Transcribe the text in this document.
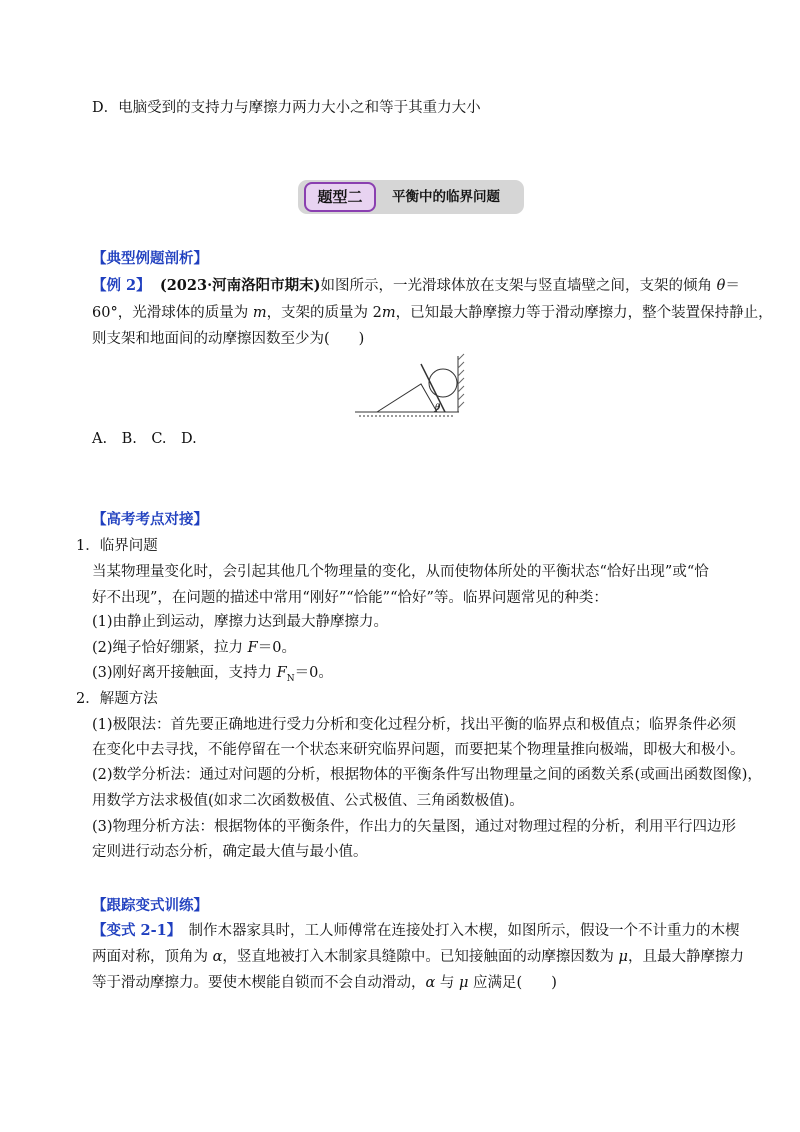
D．电脑受到的支持力与摩擦力两力大小之和等于其重力大小
题型二	平衡中的临界问题
【典型例题剖析】
【例 2】 (2023·河南洛阳市期末)如图所示，一光滑球体放在支架与竖直墙壁之间，支架的倾角 θ＝
60°，光滑球体的质量为 m，支架的质量为 2m，已知最大静摩擦力等于滑动摩擦力，整个装置保持静止，
则支架和地面间的动摩擦因数至少为(　　)
θ
A.　B.　C.　D.
【高考考点对接】
1．临界问题
当某物理量变化时，会引起其他几个物理量的变化，从而使物体所处的平衡状态“恰好出现”或“恰
好不出现”，在问题的描述中常用“刚好”“恰能”“恰好”等。临界问题常见的种类：
(1)由静止到运动，摩擦力达到最大静摩擦力。
(2)绳子恰好绷紧，拉力 F＝0。
(3)刚好离开接触面，支持力 $F_N=0$。
2．解题方法
(1)极限法：首先要正确地进行受力分析和变化过程分析，找出平衡的临界点和极值点；临界条件必须
在变化中去寻找，不能停留在一个状态来研究临界问题，而要把某个物理量推向极端，即极大和极小。
(2)数学分析法：通过对问题的分析，根据物体的平衡条件写出物理量之间的函数关系(或画出函数图像)，
用数学方法求极值(如求二次函数极值、公式极值、三角函数极值)。
(3)物理分析方法：根据物体的平衡条件，作出力的矢量图，通过对物理过程的分析，利用平行四边形
定则进行动态分析，确定最大值与最小值。
【跟踪变式训练】
【变式 2-1】　制作木器家具时，工人师傅常在连接处打入木楔，如图所示，假设一个不计重力的木楔
两面对称，顶角为 α，竖直地被打入木制家具缝隙中。已知接触面的动摩擦因数为 μ，且最大静摩擦力
等于滑动摩擦力。要使木楔能自锁而不会自动滑动，α 与 μ 应满足(　　)
